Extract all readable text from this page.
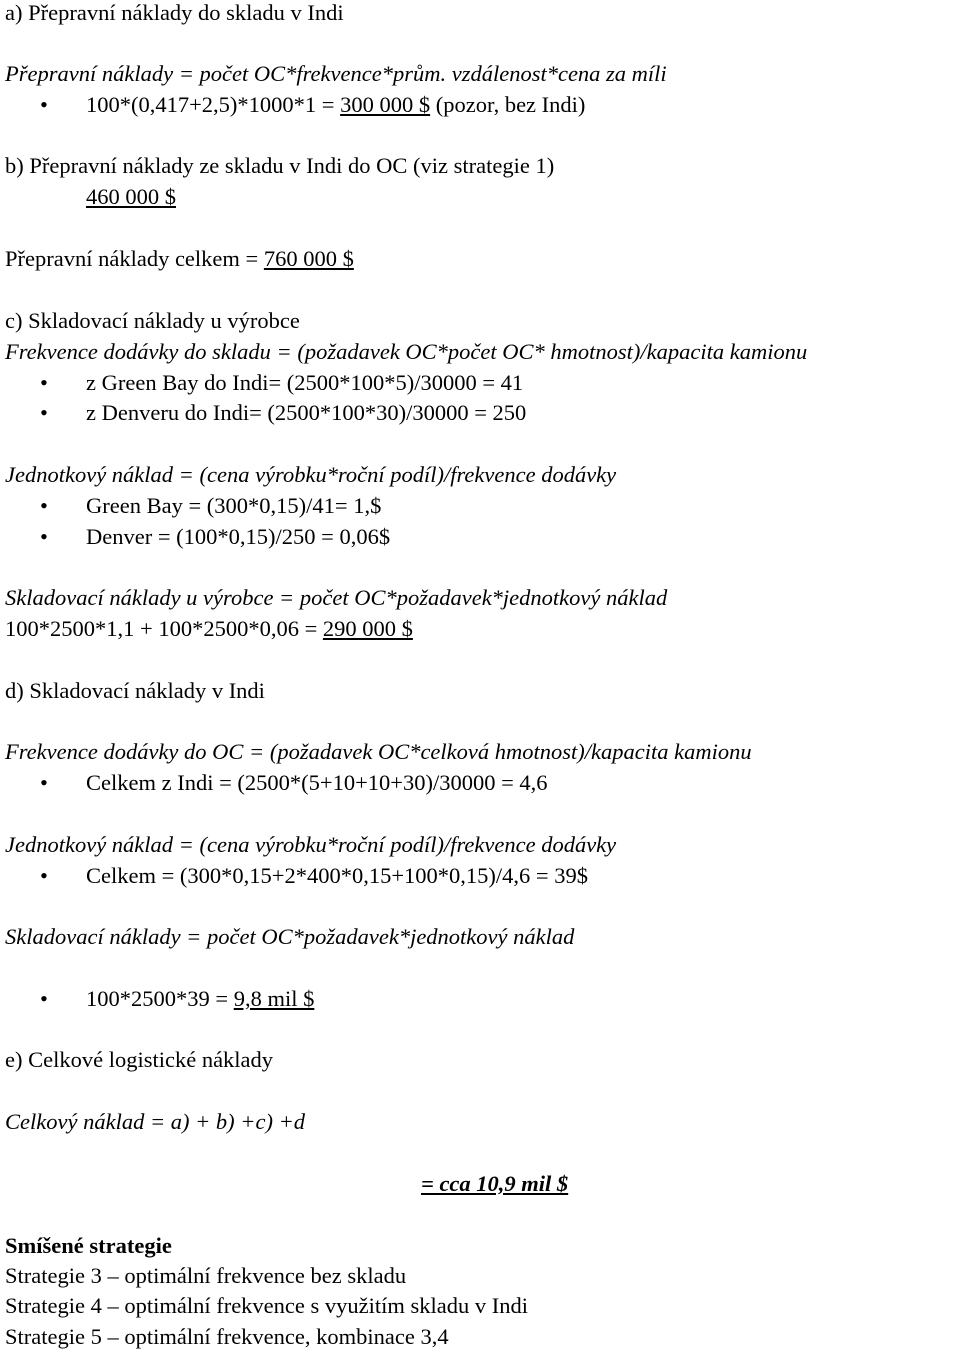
a) Přepravní náklady do skladu v Indi
Přepravní náklady = počet OC*frekvence*prům. vzdálenost*cena za míli
• 100*(0,417+2,5)*1000*1 = 300 000 $ (pozor, bez Indi)
b) Přepravní náklady ze skladu v Indi do OC (viz strategie 1)
460 000 $
Přepravní náklady celkem = 760 000 $
c) Skladovací náklady u výrobce
Frekvence dodávky do skladu = (požadavek OC*počet OC* hmotnost)/kapacita kamionu
• z Green Bay do Indi= (2500*100*5)/30000 = 41
• z Denveru do Indi= (2500*100*30)/30000 = 250
Jednotkový náklad = (cena výrobku*roční podíl)/frekvence dodávky
• Green Bay = (300*0,15)/41= 1,$
• Denver = (100*0,15)/250 = 0,06$
Skladovací náklady u výrobce = počet OC*požadavek*jednotkový náklad
100*2500*1,1 + 100*2500*0,06 = 290 000 $
d) Skladovací náklady v Indi
Frekvence dodávky do OC = (požadavek OC*celková hmotnost)/kapacita kamionu
• Celkem z Indi = (2500*(5+10+10+30)/30000 = 4,6
Jednotkový náklad = (cena výrobku*roční podíl)/frekvence dodávky
• Celkem = (300*0,15+2*400*0,15+100*0,15)/4,6 = 39$
Skladovací náklady = počet OC*požadavek*jednotkový náklad
• 100*2500*39 = 9,8 mil $
e) Celkové logistické náklady
Celkový náklad = a) + b) +c) +d
= cca 10,9 mil $
Smíšené strategie
Strategie 3 – optimální frekvence bez skladu
Strategie 4 – optimální frekvence s využitím skladu v Indi
Strategie 5 – optimální frekvence, kombinace 3,4
